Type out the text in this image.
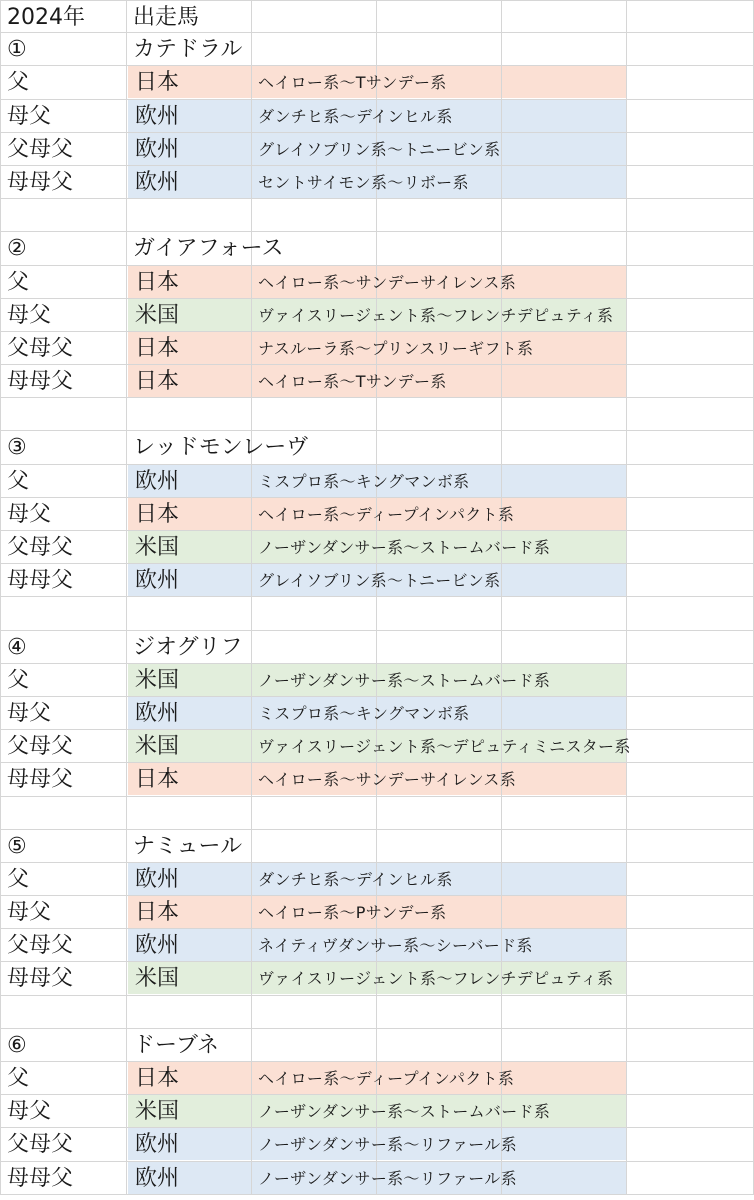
2024年 出走馬
①	カテドラル
父	日本	ヘイロー系〜Tサンデー系
母父	欧州	ダンチヒ系〜デインヒル系
父母父	欧州	グレイソブリン系〜トニービン系
母母父	欧州	セントサイモン系〜リボー系
②	ガイアフォース
父	日本	ヘイロー系〜サンデーサイレンス系
母父	米国	ヴァイスリージェント系〜フレンチデピュティ系
父母父	日本	ナスルーラ系〜プリンスリーギフト系
母母父	日本	ヘイロー系〜Tサンデー系
③	レッドモンレーヴ
父	欧州	ミスプロ系〜キングマンボ系
母父	日本	ヘイロー系〜ディープインパクト系
父母父	米国	ノーザンダンサー系〜ストームバード系
母母父	欧州	グレイソブリン系〜トニービン系
④	ジオグリフ
父	米国	ノーザンダンサー系〜ストームバード系
母父	欧州	ミスプロ系〜キングマンボ系
父母父	米国	ヴァイスリージェント系〜デピュティミニスター系
母母父	日本	ヘイロー系〜サンデーサイレンス系
⑤	ナミュール
父	欧州	ダンチヒ系〜デインヒル系
母父	日本	ヘイロー系〜Pサンデー系
父母父	欧州	ネイティヴダンサー系〜シーバード系
母母父	米国	ヴァイスリージェント系〜フレンチデピュティ系
⑥	ドーブネ
父	日本	ヘイロー系〜ディープインパクト系
母父	米国	ノーザンダンサー系〜ストームバード系
父母父	欧州	ノーザンダンサー系〜リファール系
母母父	欧州	ノーザンダンサー系〜リファール系
